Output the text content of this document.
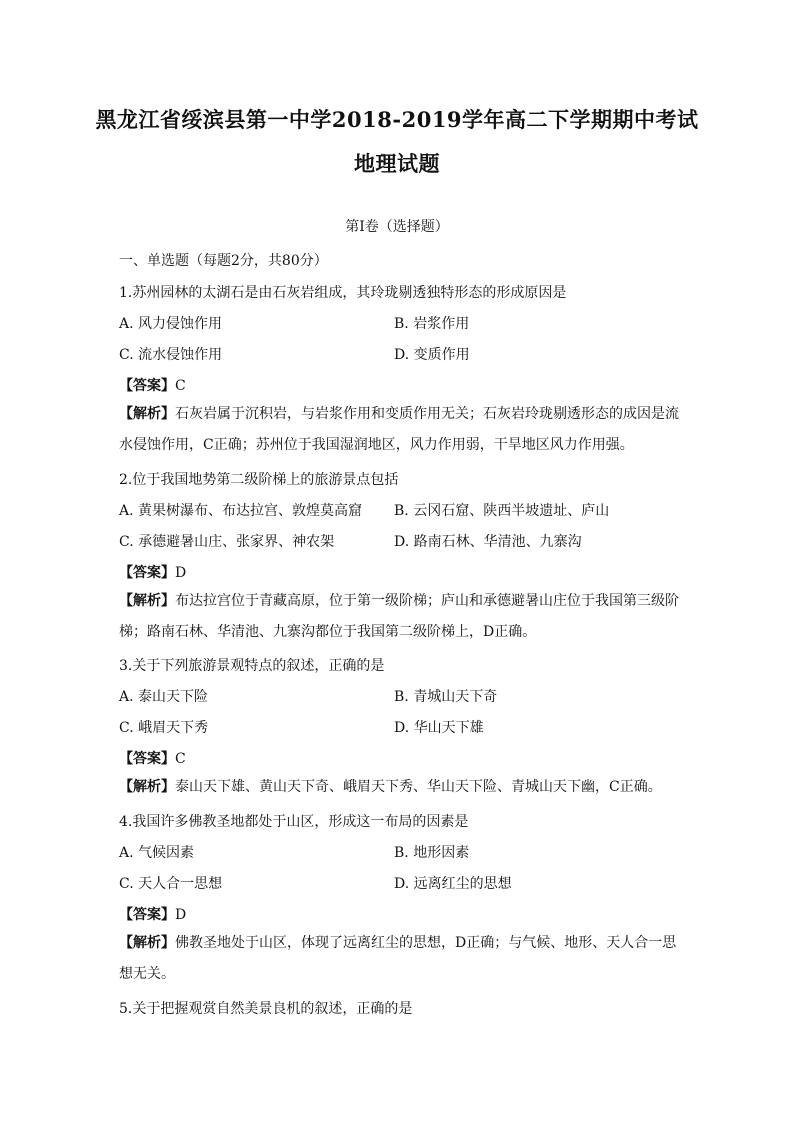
黑龙江省绥滨县第一中学2018-2019学年高二下学期期中考试
地理试题
第I卷（选择题）
一、单选题（每题2分，共80分）
1.苏州园林的太湖石是由石灰岩组成，其玲珑剔透独特形态的形成原因是
A. 风力侵蚀作用	B. 岩浆作用
C. 流水侵蚀作用	D. 变质作用
【答案】C
【解析】石灰岩属于沉积岩，与岩浆作用和变质作用无关；石灰岩玲珑剔透形态的成因是流水侵蚀作用，C正确；苏州位于我国湿润地区，风力作用弱，干旱地区风力作用强。
2.位于我国地势第二级阶梯上的旅游景点包括
A. 黄果树瀑布、布达拉宫、敦煌莫高窟 B. 云冈石窟、陕西半坡遗址、庐山
C. 承德避暑山庄、张家界、神农架	D. 路南石林、华清池、九寨沟
【答案】D
【解析】布达拉宫位于青藏高原，位于第一级阶梯；庐山和承德避暑山庄位于我国第三级阶梯；路南石林、华清池、九寨沟都位于我国第二级阶梯上，D正确。
3.关于下列旅游景观特点的叙述，正确的是
A. 泰山天下险	B. 青城山天下奇
C. 峨眉天下秀	D. 华山天下雄
【答案】C
【解析】泰山天下雄、黄山天下奇、峨眉天下秀、华山天下险、青城山天下幽，C正确。
4.我国许多佛教圣地都处于山区，形成这一布局的因素是
A. 气候因素	B. 地形因素
C. 天人合一思想	D. 远离红尘的思想
【答案】D
【解析】佛教圣地处于山区，体现了远离红尘的思想，D正确；与气候、地形、天人合一思想无关。
5.关于把握观赏自然美景良机的叙述，正确的是
